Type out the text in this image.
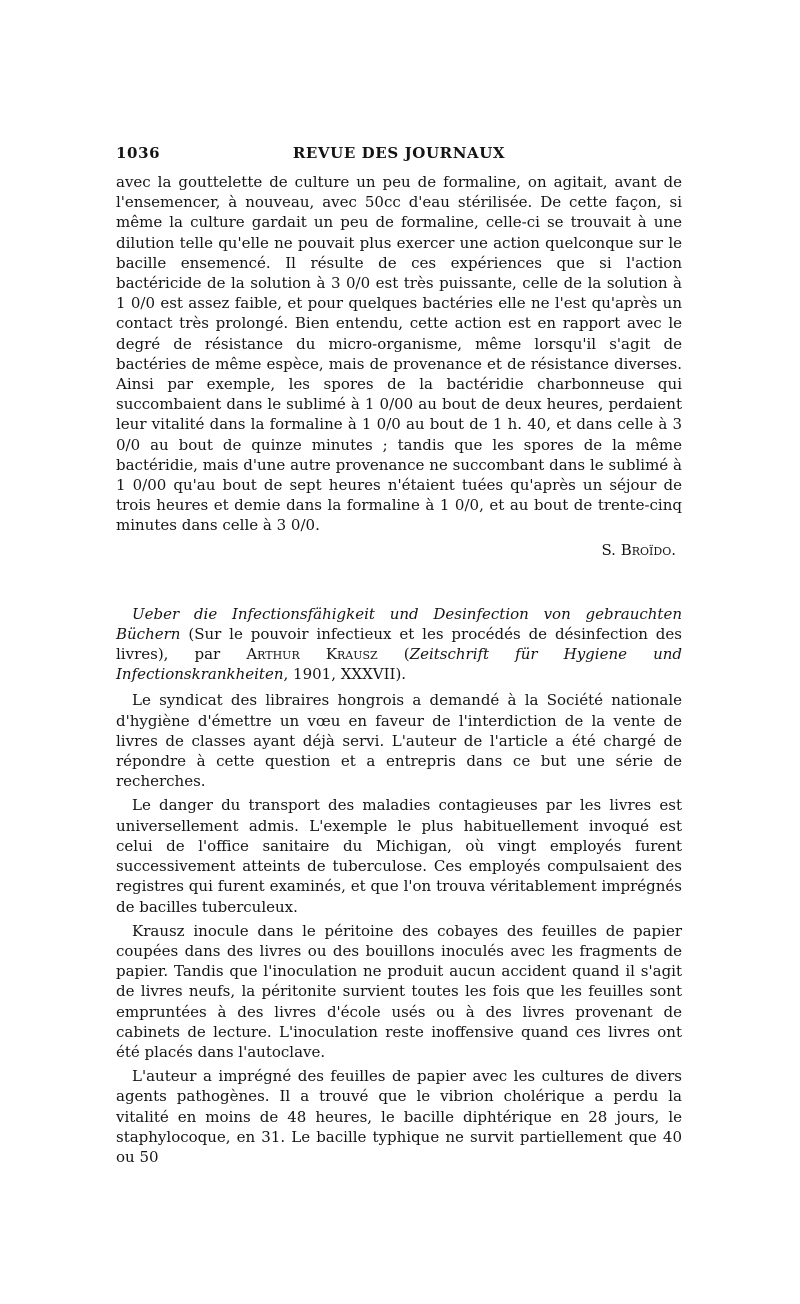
1036	REVUE DES JOURNAUX

avec la gouttelette de culture un peu de formaline, on agitait, avant de l'ensemencer, à nouveau, avec 50cc d'eau stérilisée. De cette façon, si même la culture gardait un peu de formaline, celle-ci se trouvait à une dilution telle qu'elle ne pouvait plus exercer une action quelconque sur le bacille ensemencé. Il résulte de ces expériences que si l'action bactéricide de la solution à 3 0/0 est très puissante, celle de la solution à 1 0/0 est assez faible, et pour quelques bactéries elle ne l'est qu'après un contact très prolongé. Bien entendu, cette action est en rapport avec le degré de résistance du micro-organisme, même lorsqu'il s'agit de bactéries de même espèce, mais de provenance et de résistance diverses. Ainsi par exemple, les spores de la bactéridie charbonneuse qui succombaient dans le sublimé à 1 0/00 au bout de deux heures, perdaient leur vitalité dans la formaline à 1 0/0 au bout de 1 h. 40, et dans celle à 3 0/0 au bout de quinze minutes ; tandis que les spores de la même bactéridie, mais d'une autre provenance ne succombant dans le sublimé à 1 0/00 qu'au bout de sept heures n'étaient tuées qu'après un séjour de trois heures et demie dans la formaline à 1 0/0, et au bout de trente-cinq minutes dans celle à 3 0/0.

S. Broïdo.

Ueber die Infectionsfähigkeit und Desinfection von gebrauchten Büchern (Sur le pouvoir infectieux et les procédés de désinfection des livres), par Arthur Krausz (Zeitschrift für Hygiene und Infectionskrankheiten, 1901, XXXVII).

Le syndicat des libraires hongrois a demandé à la Société nationale d'hygiène d'émettre un vœu en faveur de l'interdiction de la vente de livres de classes ayant déjà servi. L'auteur de l'article a été chargé de répondre à cette question et a entrepris dans ce but une série de recherches.

Le danger du transport des maladies contagieuses par les livres est universellement admis. L'exemple le plus habituellement invoqué est celui de l'office sanitaire du Michigan, où vingt employés furent successivement atteints de tuberculose. Ces employés compulsaient des registres qui furent examinés, et que l'on trouva véritablement imprégnés de bacilles tuberculeux.

Krausz inocule dans le péritoine des cobayes des feuilles de papier coupées dans des livres ou des bouillons inoculés avec les fragments de papier. Tandis que l'inoculation ne produit aucun accident quand il s'agit de livres neufs, la péritonite survient toutes les fois que les feuilles sont empruntées à des livres d'école usés ou à des livres provenant de cabinets de lecture. L'inoculation reste inoffensive quand ces livres ont été placés dans l'autoclave.

L'auteur a imprégné des feuilles de papier avec les cultures de divers agents pathogènes. Il a trouvé que le vibrion cholérique a perdu la vitalité en moins de 48 heures, le bacille diphtérique en 28 jours, le staphylocoque, en 31. Le bacille typhique ne survit partiellement que 40 ou 50
